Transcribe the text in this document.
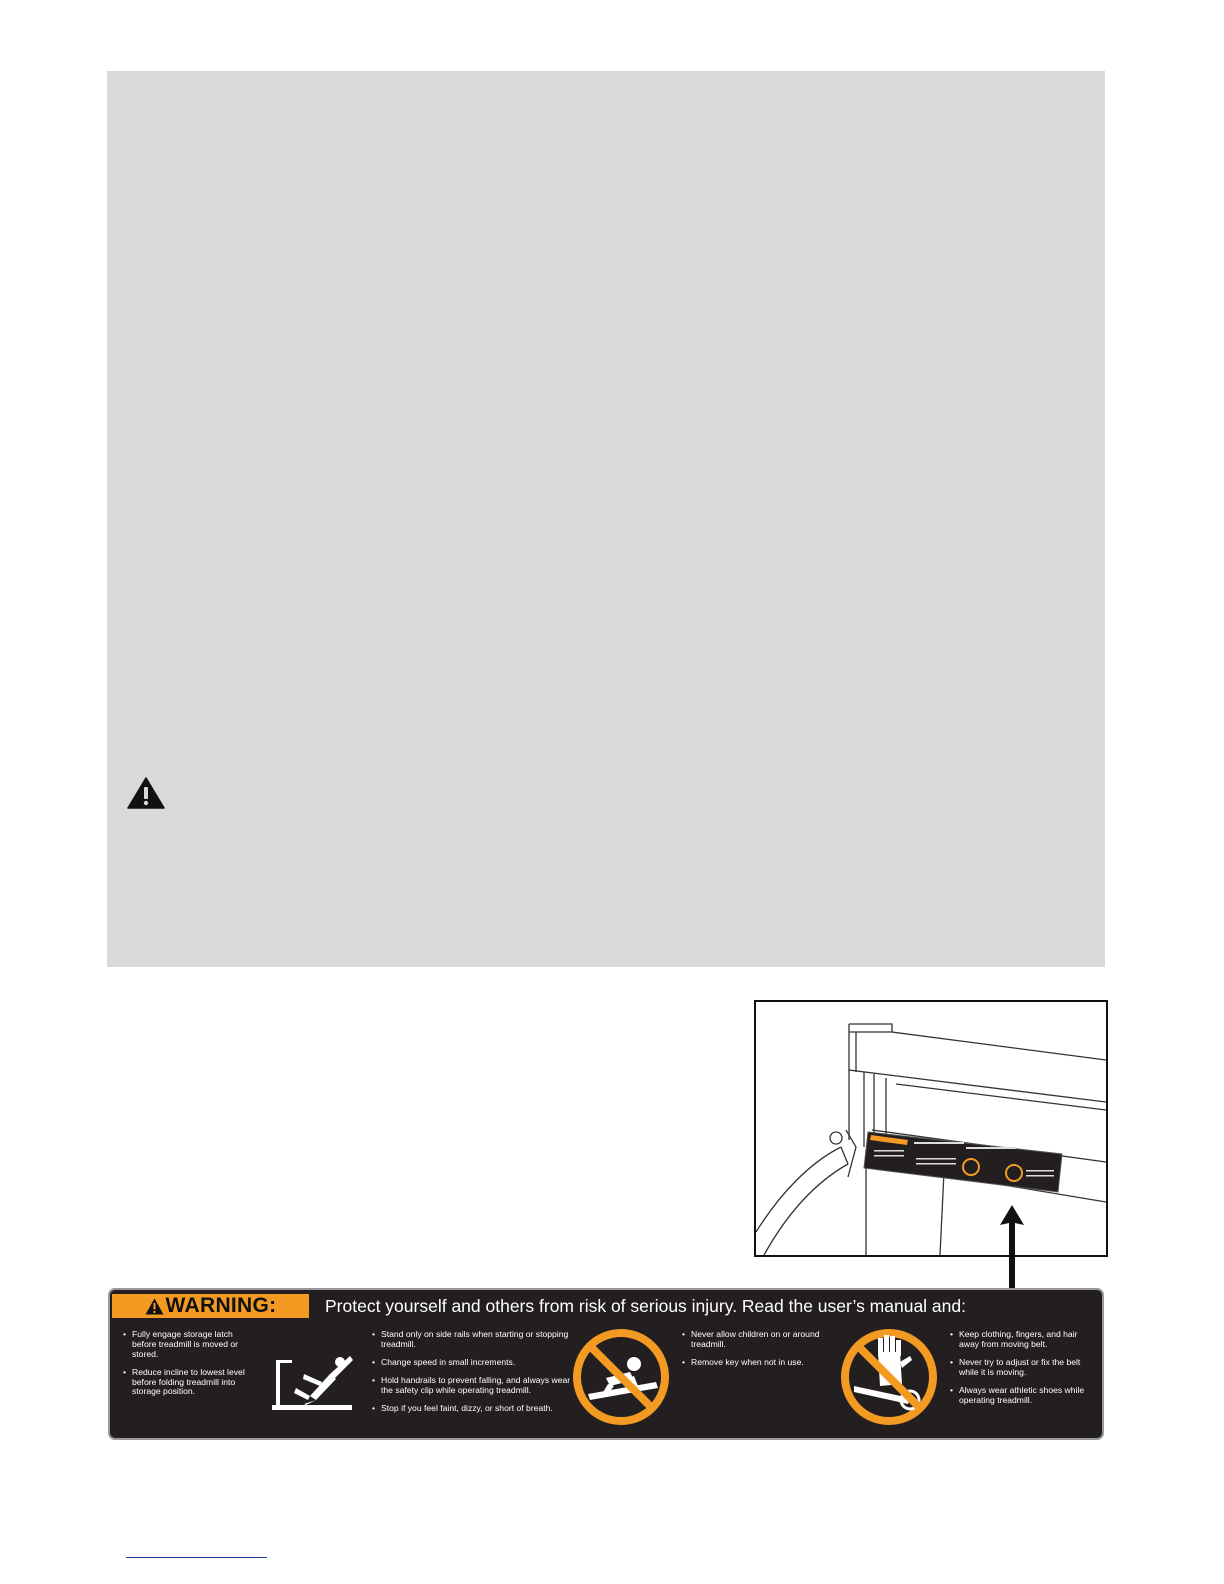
WARNING:	Protect yourself and others from risk of serious injury. Read the user’s manual and:
• Fully engage storage latch before treadmill is moved or stored.
• Reduce incline to lowest level before folding treadmill into storage position.
• Stand only on side rails when starting or stopping treadmill.
• Change speed in small increments.
• Hold handrails to prevent falling, and always wear the safety clip while operating treadmill.
• Stop if you feel faint, dizzy, or short of breath.
• Never allow children on or around treadmill.
• Remove key when not in use.
• Keep clothing, fingers, and hair away from moving belt.
• Never try to adjust or fix the belt while it is moving.
• Always wear athletic shoes while operating treadmill.
